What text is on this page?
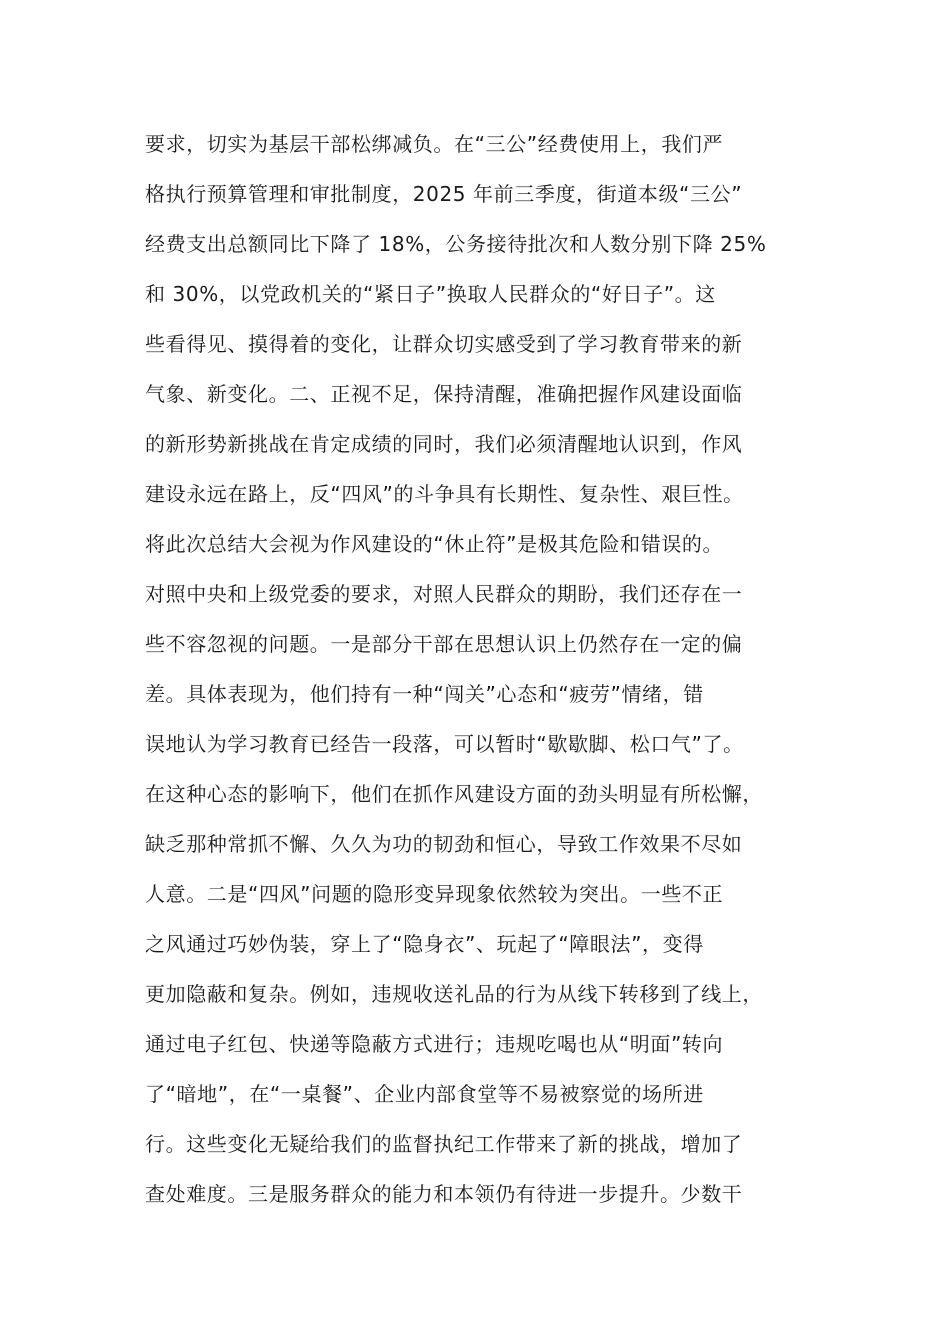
要求，切实为基层干部松绑减负。在“三公”经费使用上，我们严
格执行预算管理和审批制度，2025 年前三季度，街道本级“三公”
经费支出总额同比下降了 18%，公务接待批次和人数分别下降 25%
和 30%，以党政机关的“紧日子”换取人民群众的“好日子”。这
些看得见、摸得着的变化，让群众切实感受到了学习教育带来的新
气象、新变化。二、正视不足，保持清醒，准确把握作风建设面临
的新形势新挑战在肯定成绩的同时，我们必须清醒地认识到，作风
建设永远在路上，反“四风”的斗争具有长期性、复杂性、艰巨性。
将此次总结大会视为作风建设的“休止符”是极其危险和错误的。
对照中央和上级党委的要求，对照人民群众的期盼，我们还存在一
些不容忽视的问题。一是部分干部在思想认识上仍然存在一定的偏
差。具体表现为，他们持有一种“闯关”心态和“疲劳”情绪，错
误地认为学习教育已经告一段落，可以暂时“歇歇脚、松口气”了。
在这种心态的影响下，他们在抓作风建设方面的劲头明显有所松懈，
缺乏那种常抓不懈、久久为功的韧劲和恒心，导致工作效果不尽如
人意。二是“四风”问题的隐形变异现象依然较为突出。一些不正
之风通过巧妙伪装，穿上了“隐身衣”、玩起了“障眼法”，变得
更加隐蔽和复杂。例如，违规收送礼品的行为从线下转移到了线上，
通过电子红包、快递等隐蔽方式进行；违规吃喝也从“明面”转向
了“暗地”，在“一桌餐”、企业内部食堂等不易被察觉的场所进
行。这些变化无疑给我们的监督执纪工作带来了新的挑战，增加了
查处难度。三是服务群众的能力和本领仍有待进一步提升。少数干
